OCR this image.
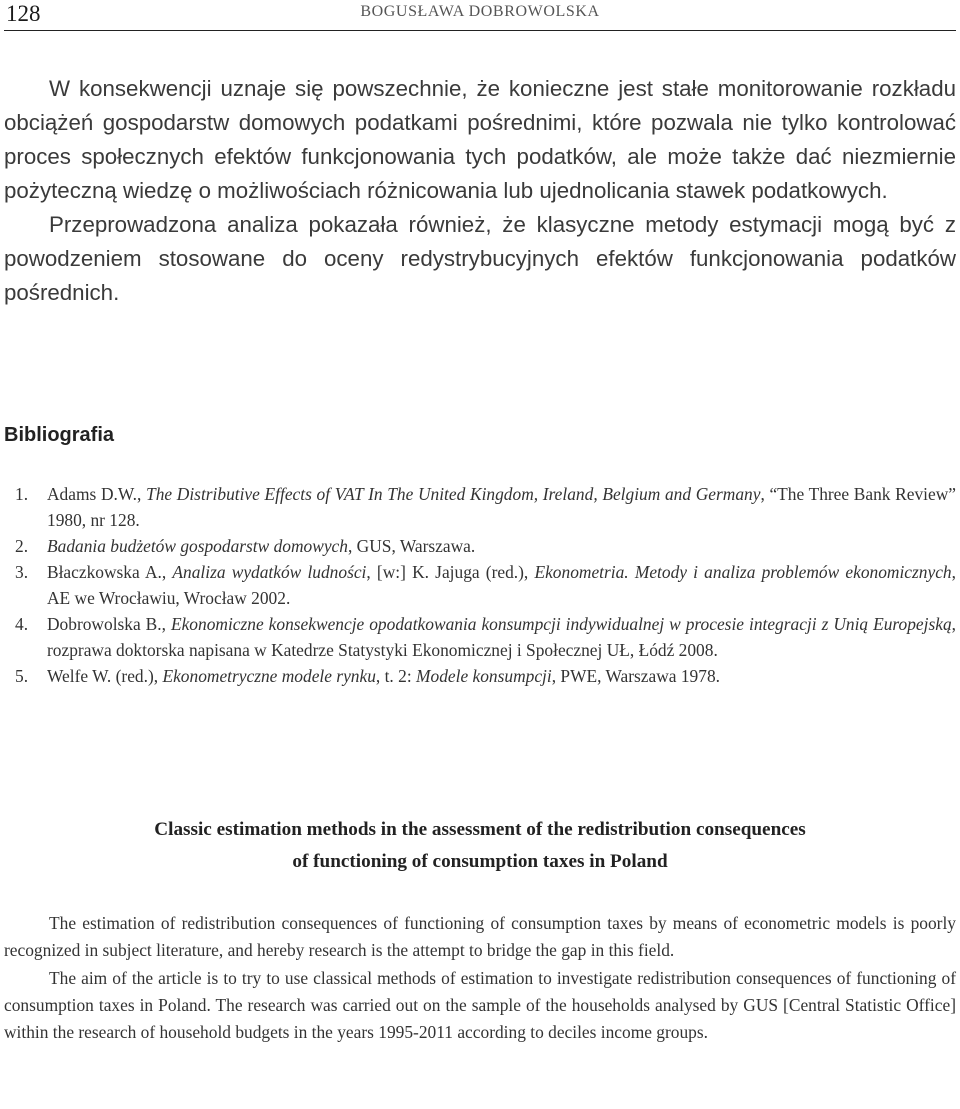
128	BOGUSŁAWA DOBROWOLSKA

W konsekwencji uznaje się powszechnie, że konieczne jest stałe monitorowanie rozkładu obciążeń gospodarstw domowych podatkami pośrednimi, które pozwala nie tylko kontrolować proces społecznych efektów funkcjonowania tych podatków, ale może także dać niezmiernie pożyteczną wiedzę o możliwościach różnicowania lub ujednolicania stawek podatkowych.

Przeprowadzona analiza pokazała również, że klasyczne metody estymacji mogą być z powodzeniem stosowane do oceny redystrybucyjnych efektów funkcjonowania podatków pośrednich.

Bibliografia
1. Adams D.W., The Distributive Effects of VAT In The United Kingdom, Ireland, Belgium and Germany, “The Three Bank Review” 1980, nr 128.
2. Badania budżetów gospodarstw domowych, GUS, Warszawa.
3. Błaczkowska A., Analiza wydatków ludności, [w:] K. Jajuga (red.), Ekonometria. Metody i analiza problemów ekonomicznych, AE we Wrocławiu, Wrocław 2002.
4. Dobrowolska B., Ekonomiczne konsekwencje opodatkowania konsumpcji indywidualnej w procesie integracji z Unią Europejską, rozprawa doktorska napisana w Katedrze Statystyki Ekonomicznej i Społecznej UŁ, Łódź 2008.
5. Welfe W. (red.), Ekonometryczne modele rynku, t. 2: Modele konsumpcji, PWE, Warszawa 1978.
Classic estimation methods in the assessment of the redistribution consequences
of functioning of consumption taxes in Poland

The estimation of redistribution consequences of functioning of consumption taxes by means of econometric models is poorly recognized in subject literature, and hereby research is the attempt to bridge the gap in this field.

The aim of the article is to try to use classical methods of estimation to investigate redistribution consequences of functioning of consumption taxes in Poland. The research was carried out on the sample of the households analysed by GUS [Central Statistic Office] within the research of household budgets in the years 1995-2011 according to deciles income groups.
